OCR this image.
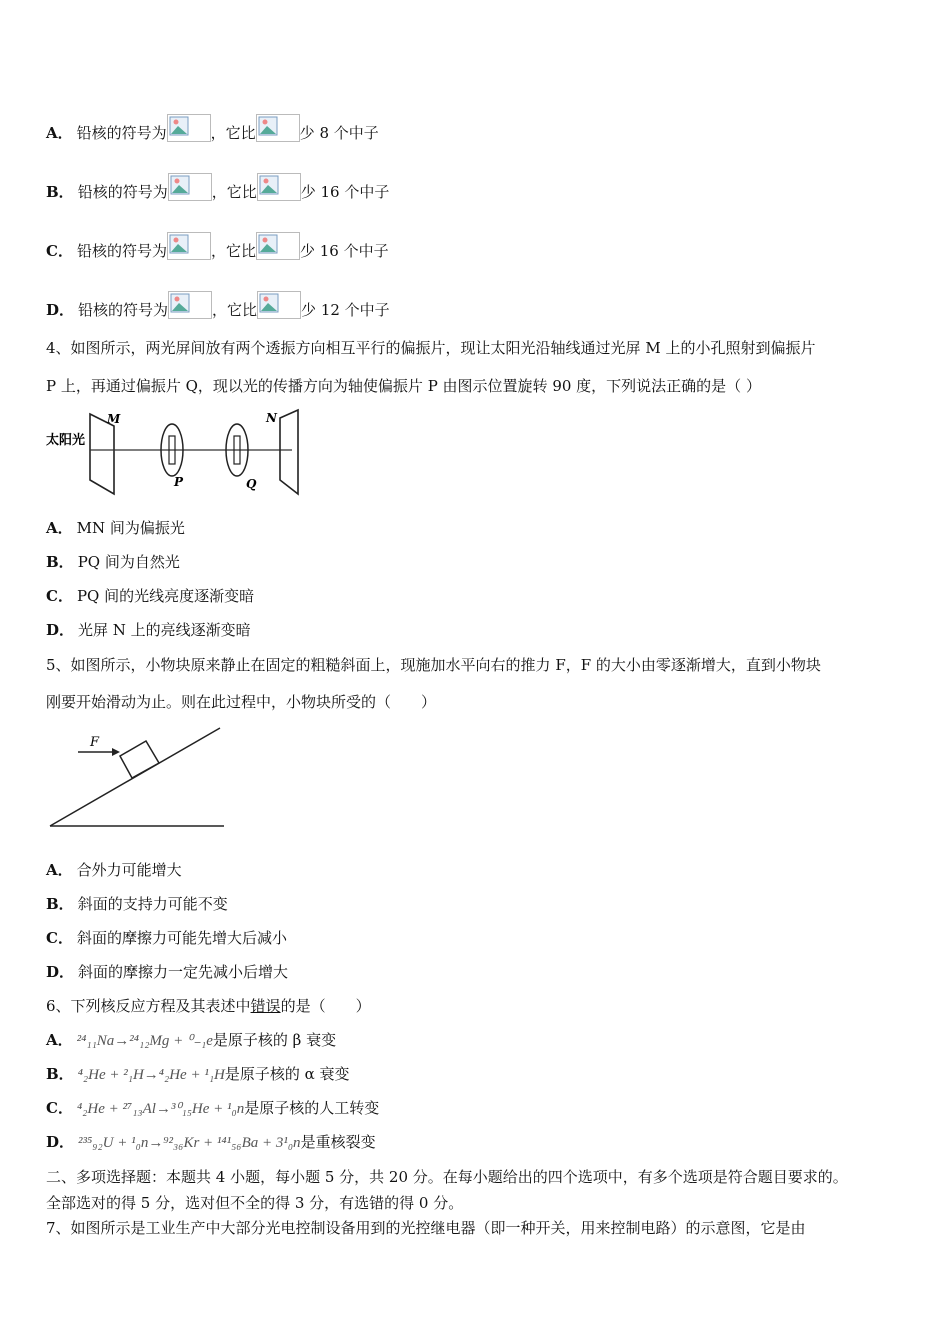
A． 铅核的符号为	，它比	少 8 个中子
B． 铅核的符号为	，它比	少 16 个中子
C． 铅核的符号为	，它比	少 16 个中子
D． 铅核的符号为	，它比	少 12 个中子
4、如图所示，两光屏间放有两个透振方向相互平行的偏振片，现让太阳光沿轴线通过光屏 M 上的小孔照射到偏振片
P 上，再通过偏振片 Q，现以光的传播方向为轴使偏振片 P 由图示位置旋转 90 度，下列说法正确的是（ ）
太阳光
M
P	Q
N
A． MN 间为偏振光
B． PQ 间为自然光
C． PQ 间的光线亮度逐渐变暗
D． 光屏 N 上的亮线逐渐变暗
5、如图所示，小物块原来静止在固定的粗糙斜面上，现施加水平向右的推力 F，F 的大小由零逐渐增大，直到小物块
刚要开始滑动为止。则在此过程中，小物块所受的（　　）
F
A． 合外力可能增大
B． 斜面的支持力可能不变
C． 斜面的摩擦力可能先增大后减小
D． 斜面的摩擦力一定先减小后增大
6、下列核反应方程及其表述中错误的是（　　）
A． ²⁴₁₁Na→²⁴₁₂Mg + ⁰₋₁e是原子核的 β 衰变
B． ⁴₂He + ²₁H→⁴₂He + ¹₁H是原子核的 α 衰变
C． ⁴₂He + ²⁷₁₃Al→³⁰₁₅He + ¹₀n是原子核的人工转变
D． ²³⁵₉₂U + ¹₀n→⁹²₃₆Kr + ¹⁴¹₅₆Ba + 3¹₀n是重核裂变
二、多项选择题：本题共 4 小题，每小题 5 分，共 20 分。在每小题给出的四个选项中，有多个选项是符合题目要求的。
全部选对的得 5 分，选对但不全的得 3 分，有选错的得 0 分。
7、如图所示是工业生产中大部分光电控制设备用到的光控继电器（即一种开关，用来控制电路）的示意图，它是由
